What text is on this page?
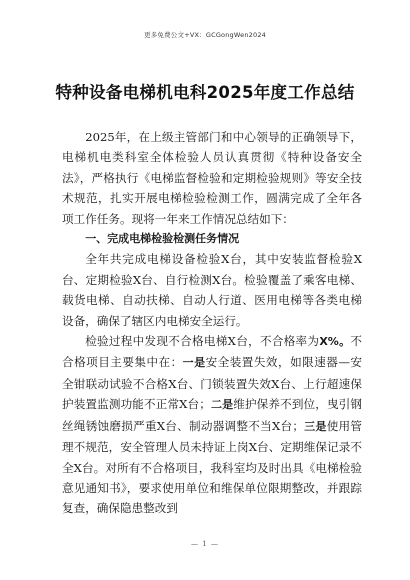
更多免费公文+VX：GCGongWen2024
特种设备电梯机电科2025年度工作总结

2025年，在上级主管部门和中心领导的正确领导下，电梯机电类科室全体检验人员认真贯彻《特种设备安全法》，严格执行《电梯监督检验和定期检验规则》等安全技术规范，扎实开展电梯检验检测工作，圆满完成了全年各项工作任务。现将一年来工作情况总结如下：

一、完成电梯检验检测任务情况

全年共完成电梯设备检验X台，其中安装监督检验X台、定期检验X台、自行检测X台。检验覆盖了乘客电梯、载货电梯、自动扶梯、自动人行道、医用电梯等各类电梯设备，确保了辖区内电梯安全运行。

检验过程中发现不合格电梯X台，不合格率为X%。不合格项目主要集中在：一是安全装置失效，如限速器—安全钳联动试验不合格X台、门锁装置失效X台、上行超速保护装置监测功能不正常X台；二是维护保养不到位，曳引钢丝绳锈蚀磨损严重X台、制动器调整不当X台；三是使用管理不规范，安全管理人员未持证上岗X台、定期维保记录不全X台。对所有不合格项目，我科室均及时出具《电梯检验意见通知书》，要求使用单位和维保单位限期整改，并跟踪复查，确保隐患整改到

— 1 —
